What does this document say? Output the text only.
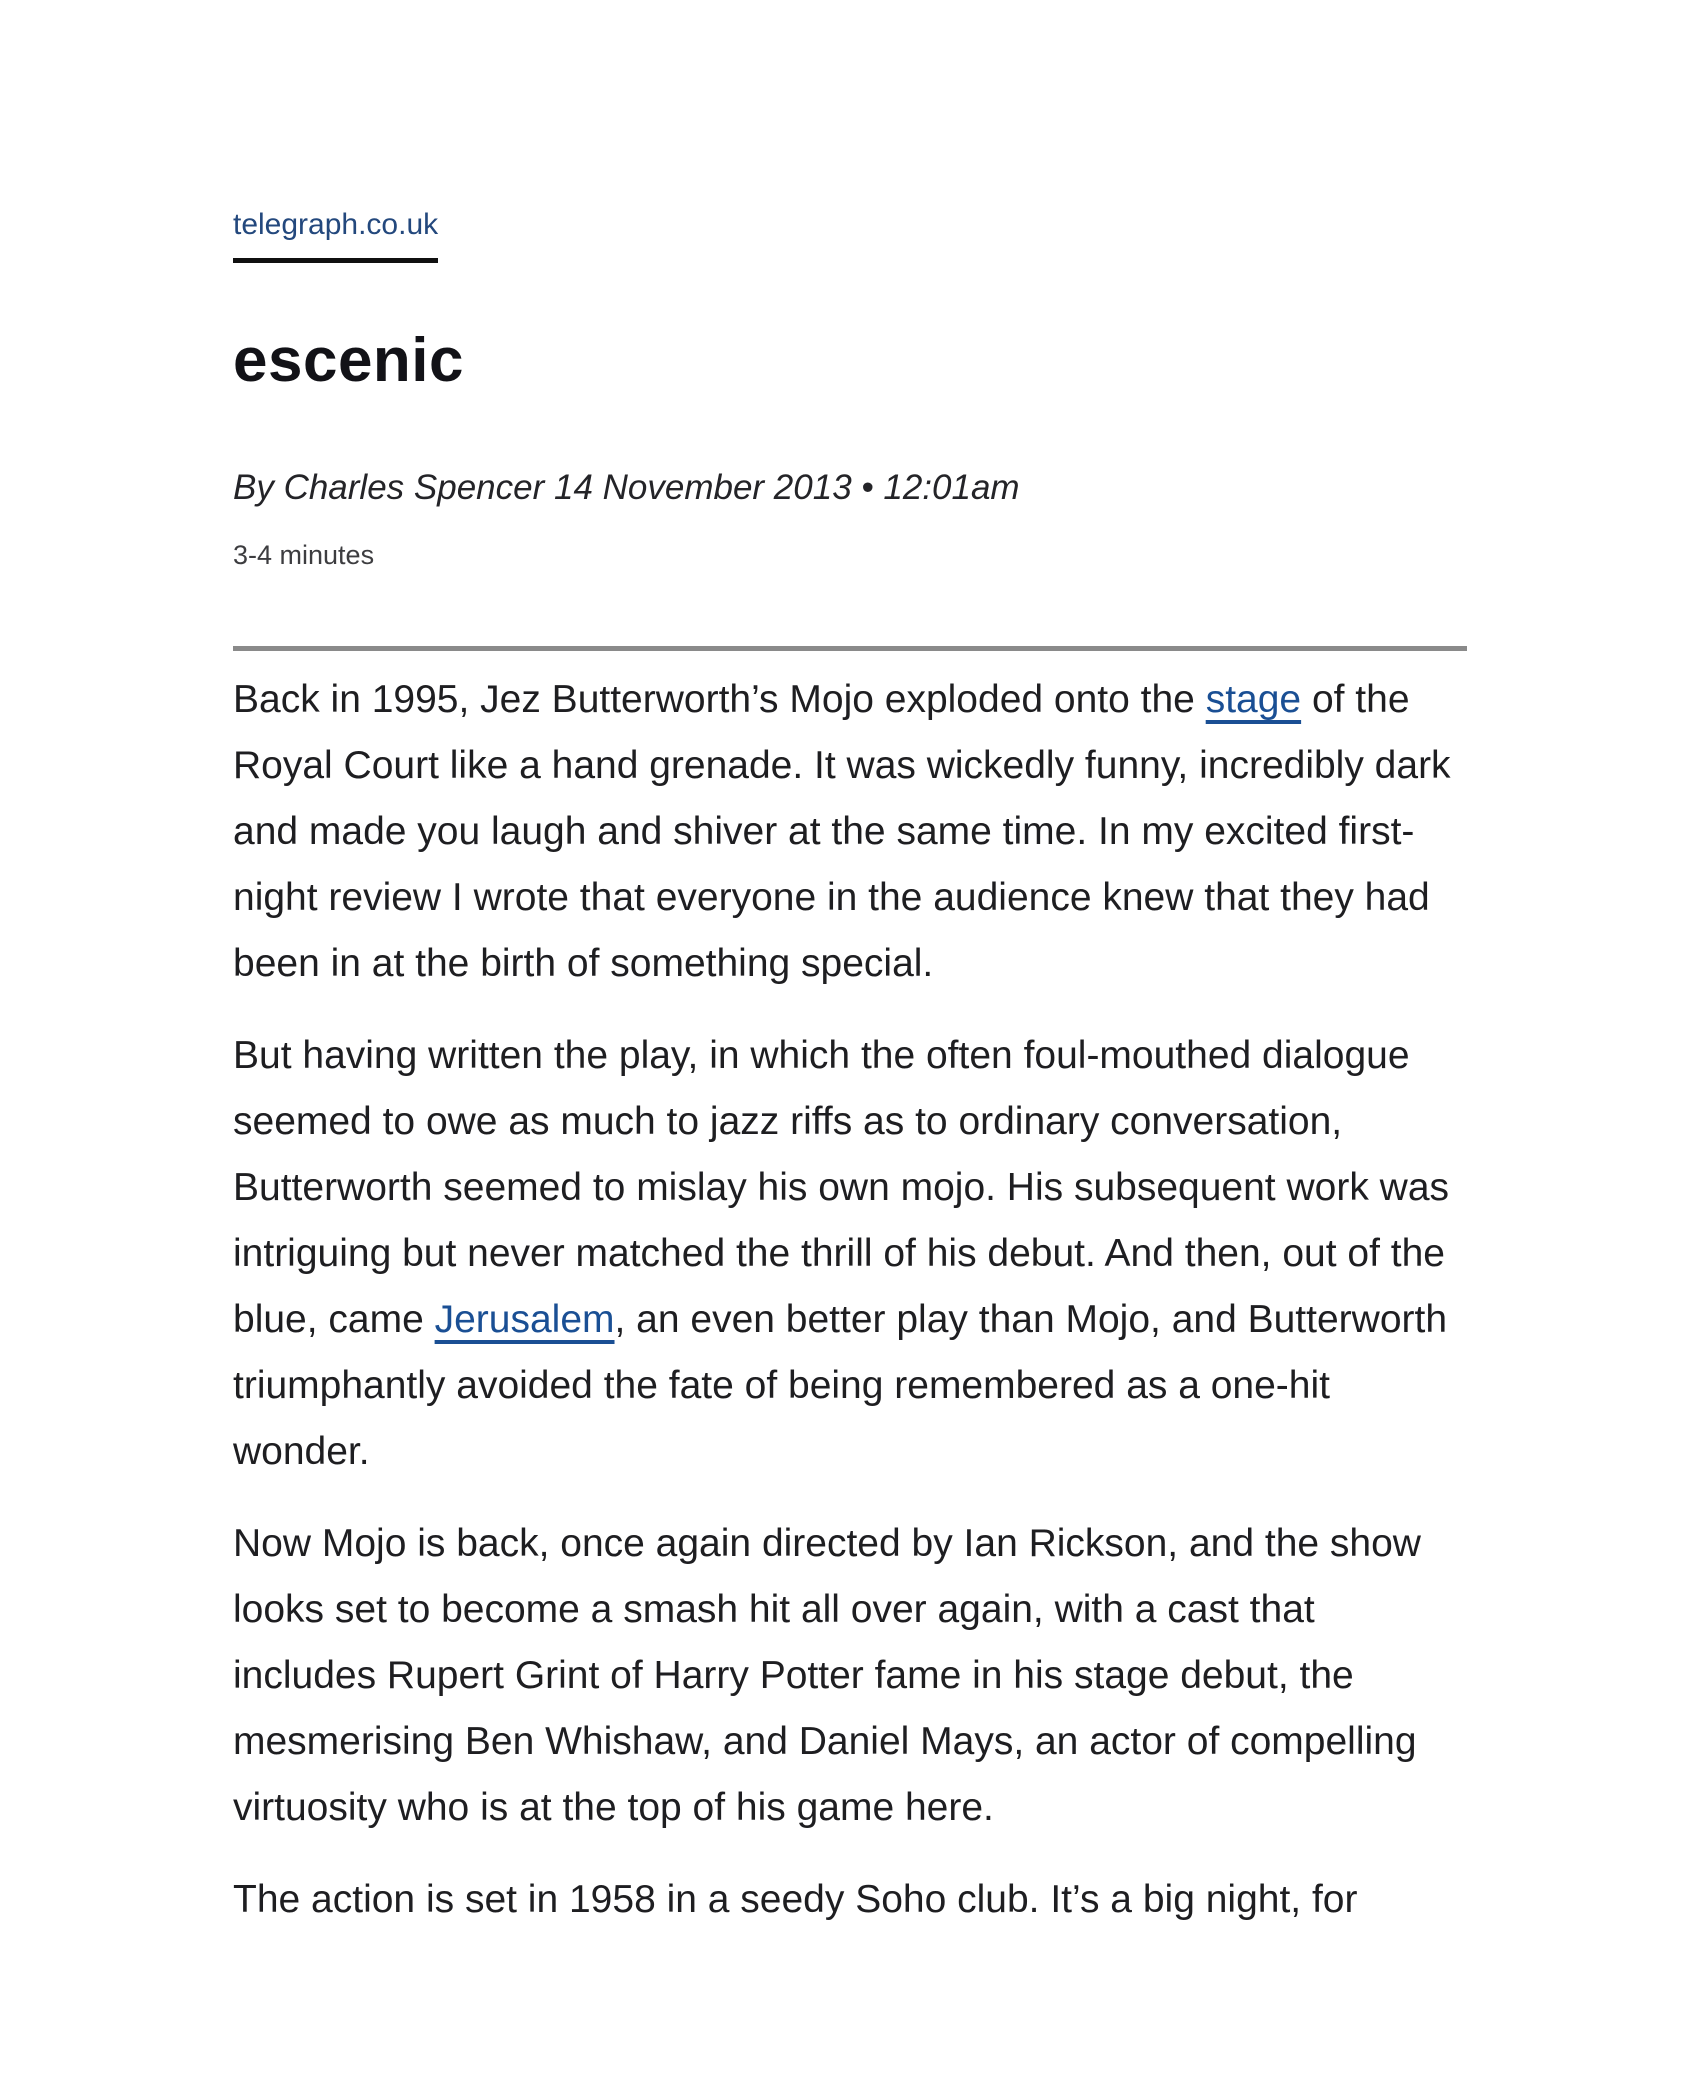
telegraph.co.uk
escenic
By Charles Spencer 14 November 2013 • 12:01am
3-4 minutes

Back in 1995, Jez Butterworth’s Mojo exploded onto the stage of the Royal Court like a hand grenade. It was wickedly funny, incredibly dark and made you laugh and shiver at the same time. In my excited first-night review I wrote that everyone in the audience knew that they had been in at the birth of something special.

But having written the play, in which the often foul-mouthed dialogue seemed to owe as much to jazz riffs as to ordinary conversation, Butterworth seemed to mislay his own mojo. His subsequent work was intriguing but never matched the thrill of his debut. And then, out of the blue, came Jerusalem, an even better play than Mojo, and Butterworth triumphantly avoided the fate of being remembered as a one-hit wonder.

Now Mojo is back, once again directed by Ian Rickson, and the show looks set to become a smash hit all over again, with a cast that includes Rupert Grint of Harry Potter fame in his stage debut, the mesmerising Ben Whishaw, and Daniel Mays, an actor of compelling virtuosity who is at the top of his game here.

The action is set in 1958 in a seedy Soho club. It’s a big night, for
